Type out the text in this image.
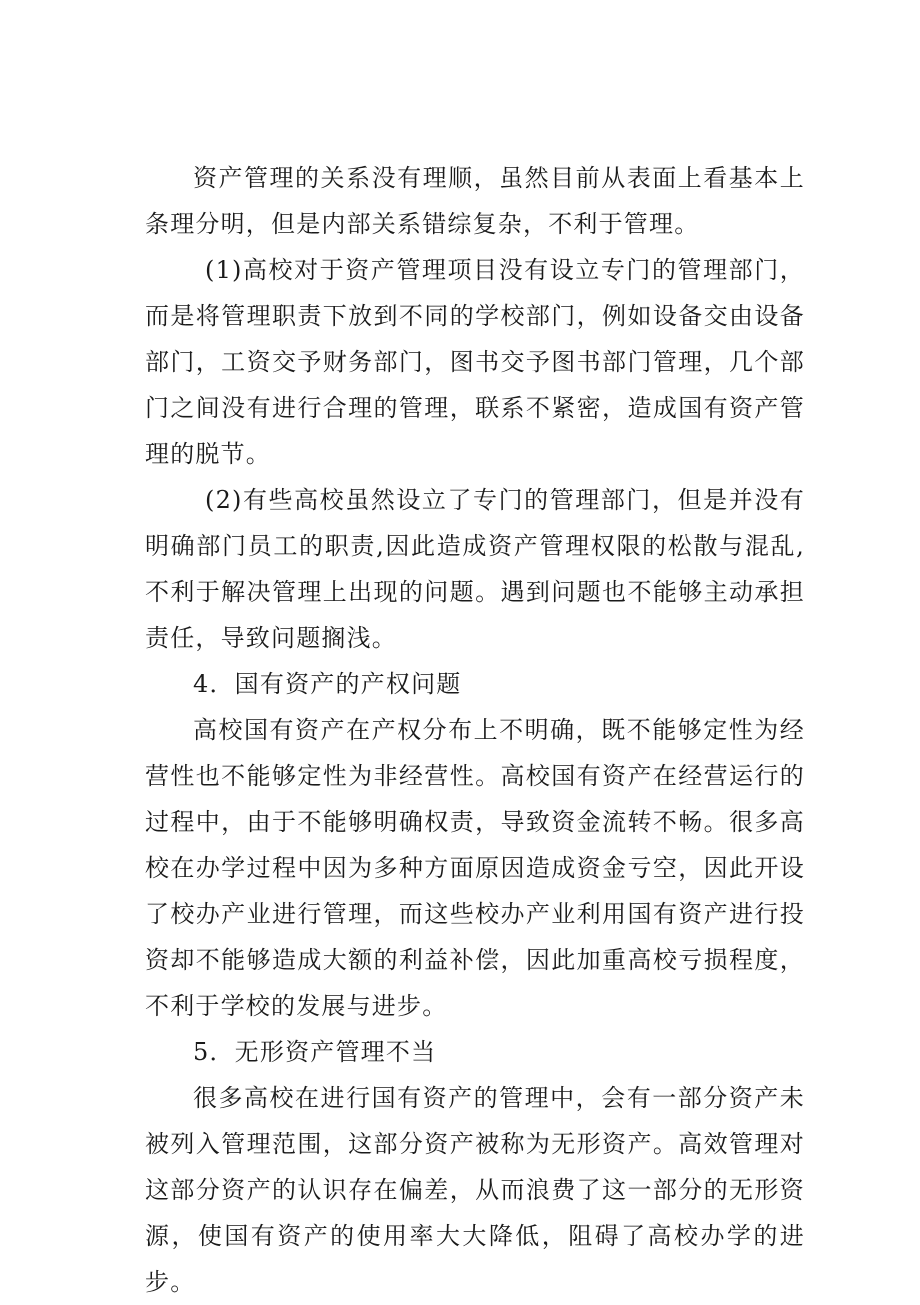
资产管理的关系没有理顺，虽然目前从表面上看基本上条理分明，但是内部关系错综复杂，不利于管理。

(1)高校对于资产管理项目没有设立专门的管理部门，而是将管理职责下放到不同的学校部门，例如设备交由设备部门，工资交予财务部门，图书交予图书部门管理，几个部门之间没有进行合理的管理，联系不紧密，造成国有资产管理的脱节。

(2)有些高校虽然设立了专门的管理部门，但是并没有明确部门员工的职责,因此造成资产管理权限的松散与混乱,不利于解决管理上出现的问题。遇到问题也不能够主动承担责任，导致问题搁浅。

4．国有资产的产权问题

高校国有资产在产权分布上不明确，既不能够定性为经营性也不能够定性为非经营性。高校国有资产在经营运行的过程中，由于不能够明确权责，导致资金流转不畅。很多高校在办学过程中因为多种方面原因造成资金亏空，因此开设了校办产业进行管理，而这些校办产业利用国有资产进行投资却不能够造成大额的利益补偿，因此加重高校亏损程度，不利于学校的发展与进步。

5．无形资产管理不当

很多高校在进行国有资产的管理中，会有一部分资产未被列入管理范围，这部分资产被称为无形资产。高效管理对这部分资产的认识存在偏差，从而浪费了这一部分的无形资源，使国有资产的使用率大大降低，阻碍了高校办学的进步。
